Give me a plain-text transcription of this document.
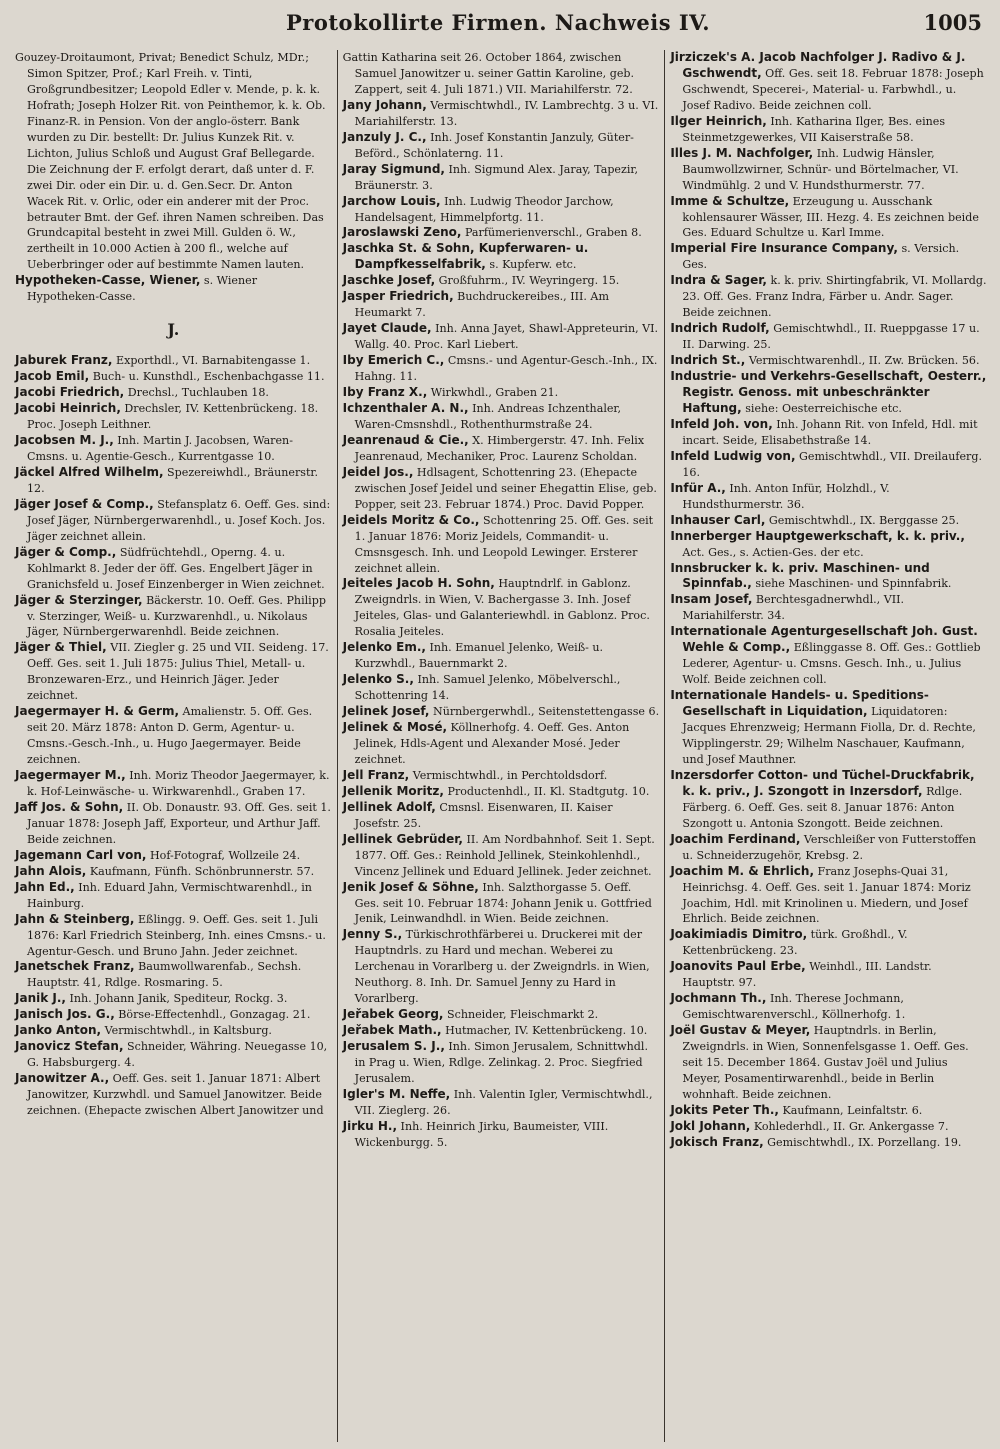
Protokollirte Firmen. Nachweis IV.	1005

Gouzey-Droitaumont, Privat; Benedict Schulz, MDr.; Simon Spitzer, Prof.; Karl Freih. v. Tinti, Großgrundbesitzer; Leopold Edler v. Mende, p. k. k. Hofrath; Joseph Holzer Rit. von Peinthemor, k. k. Ob. Finanz-R. in Pension. Von der anglo-österr. Bank wurden zu Dir. bestellt: Dr. Julius Kunzek Rit. v. Lichton, Julius Schloß und August Graf Bellegarde. Die Zeichnung der F. erfolgt derart, daß unter d. F. zwei Dir. oder ein Dir. u. d. Gen.Secr. Dr. Anton Wacek Rit. v. Orlic, oder ein anderer mit der Proc. betrauter Bmt. der Gef. ihren Namen schreiben. Das Grundcapital besteht in zwei Mill. Gulden ö. W., zertheilt in 10.000 Actien à 200 fl., welche auf Ueberbringer oder auf bestimmte Namen lauten.

Hypotheken-Casse, Wiener, s. Wiener Hypotheken-Casse.

J.

Jaburek Franz, Exporthdl., VI. Barnabitengasse 1.

Jacob Emil, Buch- u. Kunsthdl., Eschenbachgasse 11.

Jacobi Friedrich, Drechsl., Tuchlauben 18.

Jacobi Heinrich, Drechsler, IV. Kettenbrückeng. 18. Proc. Joseph Leithner.

Jacobsen M. J., Inh. Martin J. Jacobsen, Waren-Cmsns. u. Agentie-Gesch., Kurrentgasse 10.

Jäckel Alfred Wilhelm, Spezereiwhdl., Bräunerstr. 12.

Jäger Josef & Comp., Stefansplatz 6. Oeff. Ges. sind: Josef Jäger, Nürnbergerwarenhdl., u. Josef Koch. Jos. Jäger zeichnet allein.

Jäger & Comp., Südfrüchtehdl., Operng. 4. u. Kohlmarkt 8. Jeder der öff. Ges. Engelbert Jäger in Granichsfeld u. Josef Einzenberger in Wien zeichnet.

Jäger & Sterzinger, Bäckerstr. 10. Oeff. Ges. Philipp v. Sterzinger, Weiß- u. Kurzwarenhdl., u. Nikolaus Jäger, Nürnbergerwarenhdl. Beide zeichnen.

Jäger & Thiel, VII. Ziegler g. 25 und VII. Seideng. 17. Oeff. Ges. seit 1. Juli 1875: Julius Thiel, Metall- u. Bronzewaren-Erz., und Heinrich Jäger. Jeder zeichnet.

Jaegermayer H. & Germ, Amalienstr. 5. Off. Ges. seit 20. März 1878: Anton D. Germ, Agentur- u. Cmsns.-Gesch.-Inh., u. Hugo Jaegermayer. Beide zeichnen.

Jaegermayer M., Inh. Moriz Theodor Jaegermayer, k. k. Hof-Leinwäsche- u. Wirkwarenhdl., Graben 17.

Jaff Jos. & Sohn, II. Ob. Donaustr. 93. Off. Ges. seit 1. Januar 1878: Joseph Jaff, Exporteur, und Arthur Jaff. Beide zeichnen.

Jagemann Carl von, Hof-Fotograf, Wollzeile 24.

Jahn Alois, Kaufmann, Fünfh. Schönbrunnerstr. 57.

Jahn Ed., Inh. Eduard Jahn, Vermischtwarenhdl., in Hainburg.

Jahn & Steinberg, Eßlingg. 9. Oeff. Ges. seit 1. Juli 1876: Karl Friedrich Steinberg, Inh. eines Cmsns.- u. Agentur-Gesch. und Bruno Jahn. Jeder zeichnet.

Janetschek Franz, Baumwollwarenfab., Sechsh. Hauptstr. 41, Rdlge. Rosmaring. 5.

Janik J., Inh. Johann Janik, Spediteur, Rockg. 3.

Janisch Jos. G., Börse-Effectenhdl., Gonzagag. 21.

Janko Anton, Vermischtwhdl., in Kaltsburg.

Janovicz Stefan, Schneider, Währing. Neuegasse 10, G. Habsburgerg. 4.

Janowitzer A., Oeff. Ges. seit 1. Januar 1871: Albert Janowitzer, Kurzwhdl. und Samuel Janowitzer. Beide zeichnen. (Ehepacte zwischen Albert Janowitzer und

Gattin Katharina seit 26. October 1864, zwischen Samuel Janowitzer u. seiner Gattin Karoline, geb. Zappert, seit 4. Juli 1871.) VII. Mariahilferstr. 72.

Jany Johann, Vermischtwhdl., IV. Lambrechtg. 3 u. VI. Mariahilferstr. 13.

Janzuly J. C., Inh. Josef Konstantin Janzuly, Güter-Beförd., Schönlaterng. 11.

Jaray Sigmund, Inh. Sigmund Alex. Jaray, Tapezir, Bräunerstr. 3.

Jarchow Louis, Inh. Ludwig Theodor Jarchow, Handelsagent, Himmelpfortg. 11.

Jaroslawski Zeno, Parfümerienverschl., Graben 8.

Jaschka St. & Sohn, Kupferwaren- u. Dampfkesselfabrik, s. Kupferw. etc.

Jaschke Josef, Großfuhrm., IV. Weyringerg. 15.

Jasper Friedrich, Buchdruckereibes., III. Am Heumarkt 7.

Jayet Claude, Inh. Anna Jayet, Shawl-Appreteurin, VI. Wallg. 40. Proc. Karl Liebert.

Iby Emerich C., Cmsns.- und Agentur-Gesch.-Inh., IX. Hahng. 11.

Iby Franz X., Wirkwhdl., Graben 21.

Ichzenthaler A. N., Inh. Andreas Ichzenthaler, Waren-Cmsnshdl., Rothenthurmstraße 24.

Jeanrenaud & Cie., X. Himbergerstr. 47. Inh. Felix Jeanrenaud, Mechaniker, Proc. Laurenz Scholdan.

Jeidel Jos., Hdlsagent, Schottenring 23. (Ehepacte zwischen Josef Jeidel und seiner Ehegattin Elise, geb. Popper, seit 23. Februar 1874.) Proc. David Popper.

Jeidels Moritz & Co., Schottenring 25. Off. Ges. seit 1. Januar 1876: Moriz Jeidels, Commandit- u. Cmsnsgesch. Inh. und Leopold Lewinger. Ersterer zeichnet allein.

Jeiteles Jacob H. Sohn, Hauptndrlf. in Gablonz. Zweigndrls. in Wien, V. Bachergasse 3. Inh. Josef Jeiteles, Glas- und Galanteriewhdl. in Gablonz. Proc. Rosalia Jeiteles.

Jelenko Em., Inh. Emanuel Jelenko, Weiß- u. Kurzwhdl., Bauernmarkt 2.

Jelenko S., Inh. Samuel Jelenko, Möbelverschl., Schottenring 14.

Jelinek Josef, Nürnbergerwhdl., Seitenstettengasse 6.

Jelinek & Mosé, Köllnerhofg. 4. Oeff. Ges. Anton Jelinek, Hdls-Agent und Alexander Mosé. Jeder zeichnet.

Jell Franz, Vermischtwhdl., in Perchtoldsdorf.

Jellenik Moritz, Productenhdl., II. Kl. Stadtgutg. 10.

Jellinek Adolf, Cmsnsl. Eisenwaren, II. Kaiser Josefstr. 25.

Jellinek Gebrüder, II. Am Nordbahnhof. Seit 1. Sept. 1877. Off. Ges.: Reinhold Jellinek, Steinkohlenhdl., Vincenz Jellinek und Eduard Jellinek. Jeder zeichnet.

Jenik Josef & Söhne, Inh. Salzthorgasse 5. Oeff. Ges. seit 10. Februar 1874: Johann Jenik u. Gottfried Jenik, Leinwandhdl. in Wien. Beide zeichnen.

Jenny S., Türkischrothfärberei u. Druckerei mit der Hauptndrls. zu Hard und mechan. Weberei zu Lerchenau in Vorarlberg u. der Zweigndrls. in Wien, Neuthorg. 8. Inh. Dr. Samuel Jenny zu Hard in Vorarlberg.

Jeřabek Georg, Schneider, Fleischmarkt 2.

Jeřabek Math., Hutmacher, IV. Kettenbrückeng. 10.

Jerusalem S. J., Inh. Simon Jerusalem, Schnittwhdl. in Prag u. Wien, Rdlge. Zelinkag. 2. Proc. Siegfried Jerusalem.

Igler's M. Neffe, Inh. Valentin Igler, Vermischtwhdl., VII. Zieglerg. 26.

Jirku H., Inh. Heinrich Jirku, Baumeister, VIII. Wickenburgg. 5.

Jirziczek's A. Jacob Nachfolger J. Radivo & J. Gschwendt, Off. Ges. seit 18. Februar 1878: Joseph Gschwendt, Specerei-, Material- u. Farbwhdl., u. Josef Radivo. Beide zeichnen coll.

Ilger Heinrich, Inh. Katharina Ilger, Bes. eines Steinmetzgewerkes, VII Kaiserstraße 58.

Illes J. M. Nachfolger, Inh. Ludwig Hänsler, Baumwollzwirner, Schnür- und Börtelmacher, VI. Windmühlg. 2 und V. Hundsthurmerstr. 77.

Imme & Schultze, Erzeugung u. Ausschank kohlensaurer Wässer, III. Hezg. 4. Es zeichnen beide Ges. Eduard Schultze u. Karl Imme.

Imperial Fire Insurance Company, s. Versich. Ges.

Indra & Sager, k. k. priv. Shirtingfabrik, VI. Mollardg. 23. Off. Ges. Franz Indra, Färber u. Andr. Sager. Beide zeichnen.

Indrich Rudolf, Gemischtwhdl., II. Rueppgasse 17 u. II. Darwing. 25.

Indrich St., Vermischtwarenhdl., II. Zw. Brücken. 56.

Industrie- und Verkehrs-Gesellschaft, Oesterr., Registr. Genoss. mit unbeschränkter Haftung, siehe: Oesterreichische etc.

Infeld Joh. von, Inh. Johann Rit. von Infeld, Hdl. mit incart. Seide, Elisabethstraße 14.

Infeld Ludwig von, Gemischtwhdl., VII. Dreilauferg. 16.

Infür A., Inh. Anton Infür, Holzhdl., V. Hundsthurmerstr. 36.

Inhauser Carl, Gemischtwhdl., IX. Berggasse 25.

Innerberger Hauptgewerkschaft, k. k. priv., Act. Ges., s. Actien-Ges. der etc.

Innsbrucker k. k. priv. Maschinen- und Spinnfab., siehe Maschinen- und Spinnfabrik.

Insam Josef, Berchtesgadnerwhdl., VII. Mariahilferstr. 34.

Internationale Agenturgesellschaft Joh. Gust. Wehle & Comp., Eßlinggasse 8. Off. Ges.: Gottlieb Lederer, Agentur- u. Cmsns. Gesch. Inh., u. Julius Wolf. Beide zeichnen coll.

Internationale Handels- u. Speditions-Gesellschaft in Liquidation, Liquidatoren: Jacques Ehrenzweig; Hermann Fiolla, Dr. d. Rechte, Wipplingerstr. 29; Wilhelm Naschauer, Kaufmann, und Josef Mauthner.

Inzersdorfer Cotton- und Tüchel-Druckfabrik, k. k. priv., J. Szongott in Inzersdorf, Rdlge. Färberg. 6. Oeff. Ges. seit 8. Januar 1876: Anton Szongott u. Antonia Szongott. Beide zeichnen.

Joachim Ferdinand, Verschleißer von Futterstoffen u. Schneiderzugehör, Krebsg. 2.

Joachim M. & Ehrlich, Franz Josephs-Quai 31, Heinrichsg. 4. Oeff. Ges. seit 1. Januar 1874: Moriz Joachim, Hdl. mit Krinolinen u. Miedern, und Josef Ehrlich. Beide zeichnen.

Joakimiadis Dimitro, türk. Großhdl., V. Kettenbrückeng. 23.

Joanovits Paul Erbe, Weinhdl., III. Landstr. Hauptstr. 97.

Jochmann Th., Inh. Therese Jochmann, Gemischtwarenverschl., Köllnerhofg. 1.

Joël Gustav & Meyer, Hauptndrls. in Berlin, Zweigndrls. in Wien, Sonnenfelsgasse 1. Oeff. Ges. seit 15. December 1864. Gustav Joël und Julius Meyer, Posamentirwarenhdl., beide in Berlin wohnhaft. Beide zeichnen.

Jokits Peter Th., Kaufmann, Leinfaltstr. 6.

Jokl Johann, Kohlederhdl., II. Gr. Ankergasse 7.

Jokisch Franz, Gemischtwhdl., IX. Porzellang. 19.
